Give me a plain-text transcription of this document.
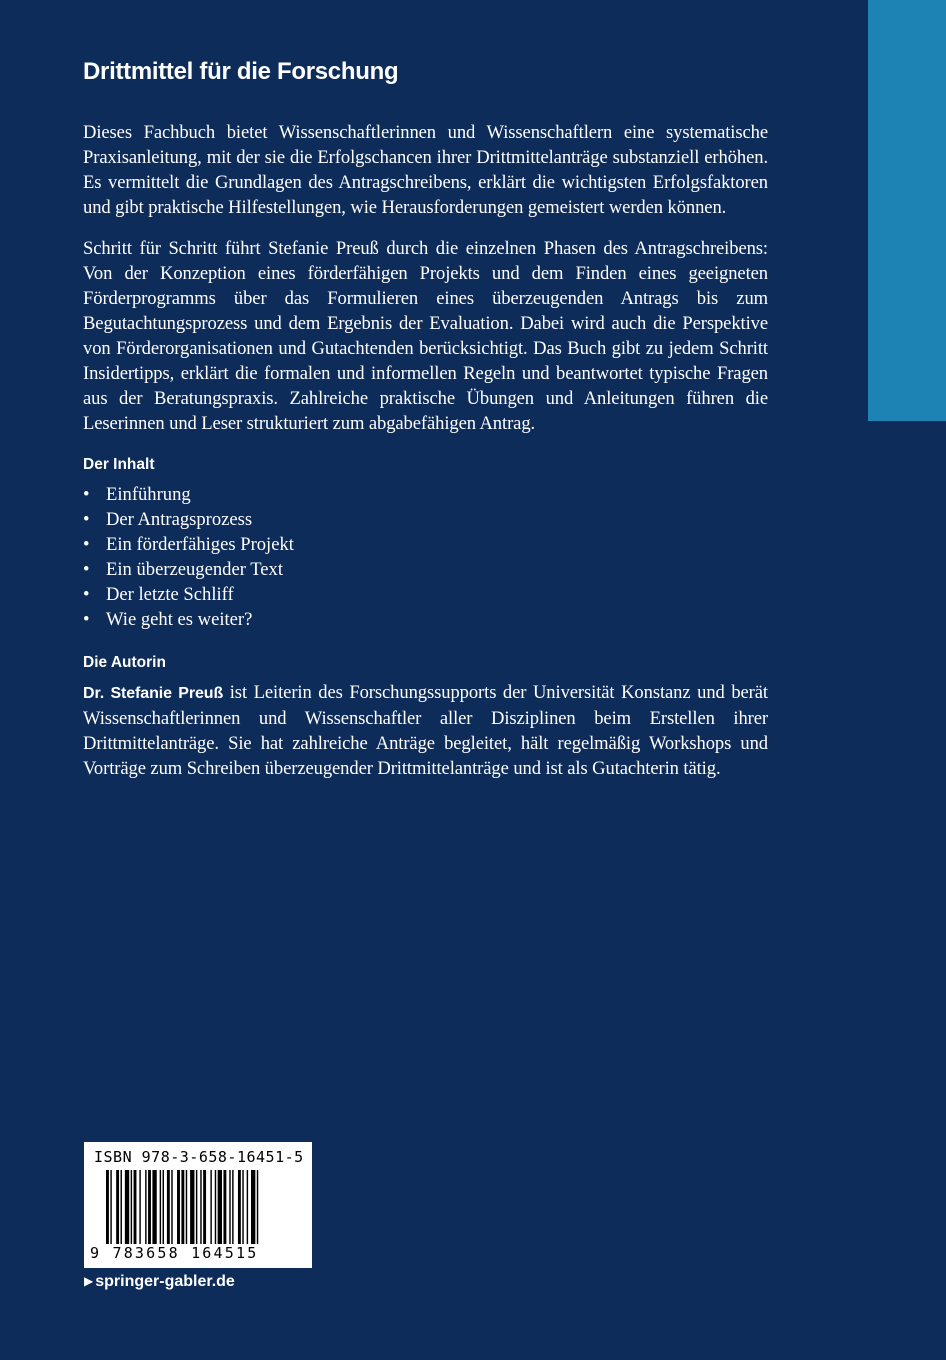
Drittmittel für die Forschung

Dieses Fachbuch bietet Wissenschaftlerinnen und Wissenschaftlern eine systematische Praxisanleitung, mit der sie die Erfolgschancen ihrer Drittmittelanträge substanziell erhöhen. Es vermittelt die Grundlagen des Antragschreibens, erklärt die wichtigsten Erfolgsfaktoren und gibt praktische Hilfestellungen, wie Herausforderungen gemeistert werden können.

Schritt für Schritt führt Stefanie Preuß durch die einzelnen Phasen des Antragschreibens: Von der Konzeption eines förderfähigen Projekts und dem Finden eines geeigneten Förderprogramms über das Formulieren eines überzeugenden Antrags bis zum Begutachtungsprozess und dem Ergebnis der Evaluation. Dabei wird auch die Perspektive von Förderorganisationen und Gutachtenden berücksichtigt. Das Buch gibt zu jedem Schritt Insidertipps, erklärt die formalen und informellen Regeln und beantwortet typische Fragen aus der Beratungspraxis. Zahlreiche praktische Übungen und Anleitungen führen die Leserinnen und Leser strukturiert zum abgabefähigen Antrag.

Der Inhalt
• Einführung
• Der Antragsprozess
• Ein förderfähiges Projekt
• Ein überzeugender Text
• Der letzte Schliff
• Wie geht es weiter?
Die Autorin

Dr. Stefanie Preuß ist Leiterin des Forschungssupports der Universität Konstanz und berät Wissenschaftlerinnen und Wissenschaftler aller Disziplinen beim Erstellen ihrer Drittmittelanträge. Sie hat zahlreiche Anträge begleitet, hält regelmäßig Workshops und Vorträge zum Schreiben überzeugender Drittmittelanträge und ist als Gutachterin tätig.

ISBN 978-3-658-16451-5
9 783658 164515
▶ springer-gabler.de
